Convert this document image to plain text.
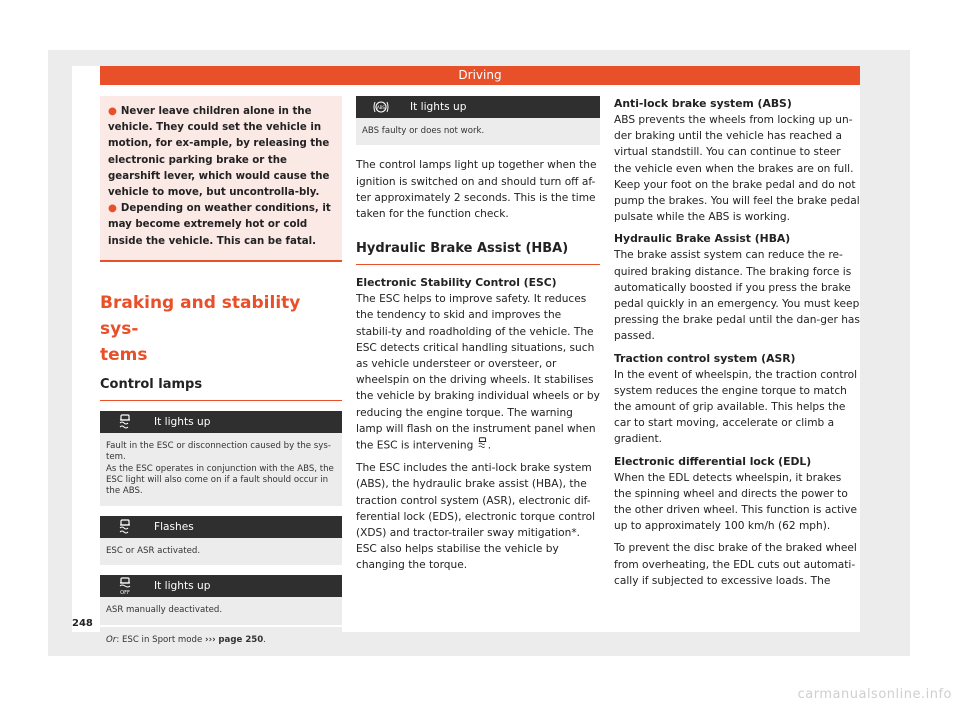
Driving

● Never leave children alone in the vehicle. They could set the vehicle in motion, for ex-ample, by releasing the electronic parking brake or the gearshift lever, which would cause the vehicle to move, but uncontrolla-bly.

● Depending on weather conditions, it may become extremely hot or cold inside the vehicle. This can be fatal.

Braking and stability sys-
tems
Control lamps
It lights up
Fault in the ESC or disconnection caused by the sys-tem.
As the ESC operates in conjunction with the ABS, the ESC light will also come on if a fault should occur in the ABS.
Flashes
ESC or ASR activated.
OFF
It lights up
ASR manually deactivated.
Or: ESC in Sport mode ››› page 250.
ABS	It lights up
ABS faulty or does not work.

The control lamps light up together when the ignition is switched on and should turn off af-ter approximately 2 seconds. This is the time taken for the function check.

Hydraulic Brake Assist (HBA)
Electronic Stability Control (ESC)

The ESC helps to improve safety. It reduces the tendency to skid and improves the stabili-ty and roadholding of the vehicle. The ESC detects critical handling situations, such as vehicle understeer or oversteer, or wheelspin on the driving wheels. It stabilises the vehicle by braking individual wheels or by reducing the engine torque. The warning lamp will flash on the instrument panel when the ESC is intervening .

The ESC includes the anti-lock brake system (ABS), the hydraulic brake assist (HBA), the traction control system (ASR), electronic dif-ferential lock (EDS), electronic torque control (XDS) and tractor-trailer sway mitigation*. ESC also helps stabilise the vehicle by changing the torque.

Anti-lock brake system (ABS)

ABS prevents the wheels from locking up un-der braking until the vehicle has reached a virtual standstill. You can continue to steer the vehicle even when the brakes are on full. Keep your foot on the brake pedal and do not pump the brakes. You will feel the brake pedal pulsate while the ABS is working.

Hydraulic Brake Assist (HBA)

The brake assist system can reduce the re-quired braking distance. The braking force is automatically boosted if you press the brake pedal quickly in an emergency. You must keep pressing the brake pedal until the dan-ger has passed.

Traction control system (ASR)

In the event of wheelspin, the traction control system reduces the engine torque to match the amount of grip available. This helps the car to start moving, accelerate or climb a gradient.

Electronic differential lock (EDL)

When the EDL detects wheelspin, it brakes the spinning wheel and directs the power to the other driven wheel. This function is active up to approximately 100 km/h (62 mph).

To prevent the disc brake of the braked wheel from overheating, the EDL cuts out automati-cally if subjected to excessive loads. The

248
carmanualsonline.info
